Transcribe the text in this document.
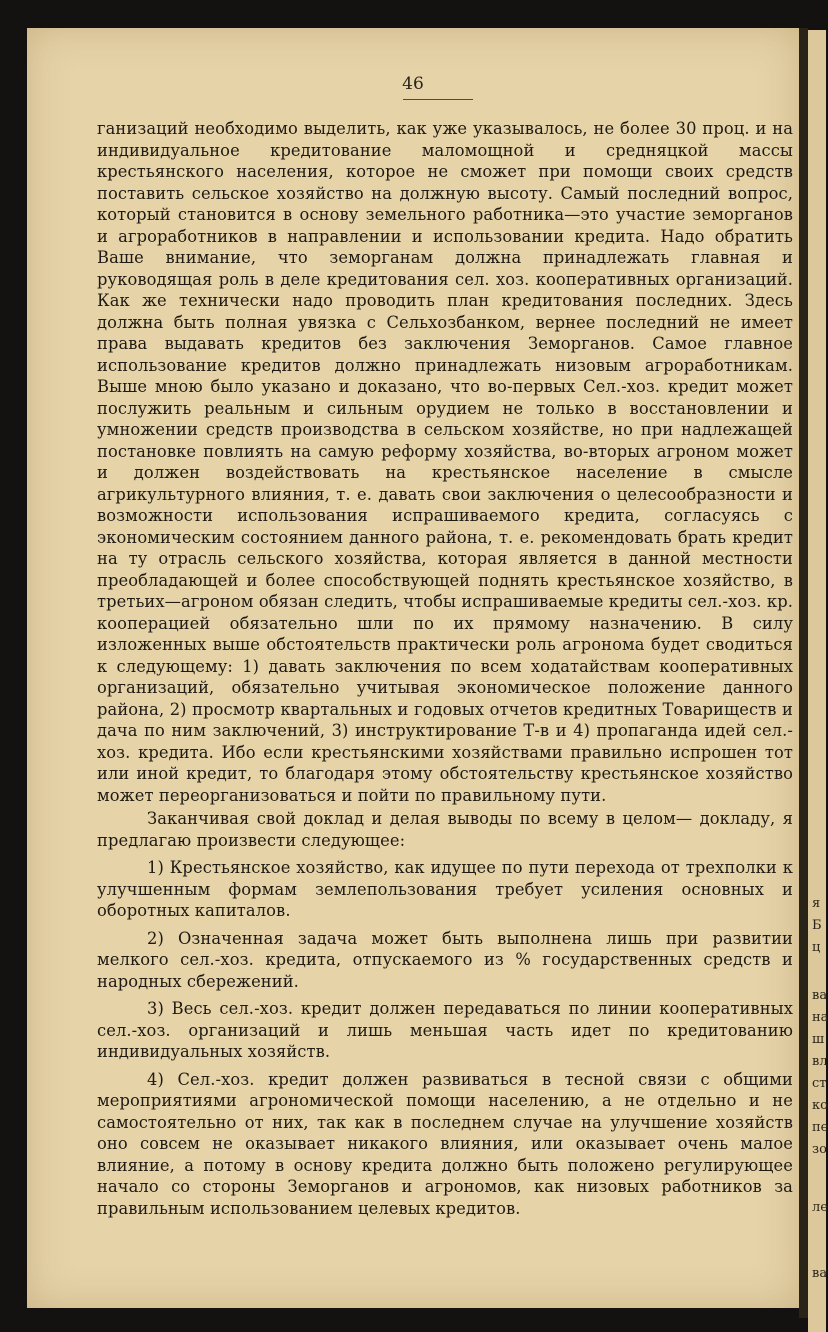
я
Б
ц
ва
на
ш
вл
ст
ко
пе
зо
ле
ва
46

ганизаций необходимо выделить, как уже указывалось, не более 30 проц. и на индивидуальное кредитование маломощной и средняцкой массы крестьянского населения, которое не сможет при помощи своих средств поставить сельское хозяйство на должную высоту. Самый последний вопрос, который становится в основу земельного работника—это участие земорганов и агроработников в направлении и использовании кредита. Надо обратить Ваше внимание, что земорганам должна принадлежать главная и руководящая роль в деле кредитования сел. хоз. кооперативных организаций. Как же технически надо проводить план кредитования последних. Здесь должна быть полная увязка с Сельхозбанком, вернее последний не имеет права выдавать кредитов без заключения Земорганов. Самое главное использование кредитов должно принадлежать низовым агроработникам. Выше мною было указано и доказано, что во-первых Сел.-хоз. кредит может послужить реальным и сильным орудием не только в восстановлении и умножении средств производства в сельском хозяйстве, но при надлежащей постановке повлиять на самую реформу хозяйства, во-вторых агроном может и должен воздействовать на крестьянское население в смысле агрикультурного влияния, т. е. давать свои заключения о целесообразности и возможности использования испрашиваемого кредита, согласуясь с экономическим состоянием данного района, т. е. рекомендовать брать кредит на ту отрасль сельского хозяйства, которая является в данной местности преобладающей и более способствующей поднять крестьянское хозяйство, в третьих—агроном обязан следить, чтобы испрашиваемые кредиты сел.-хоз. кр. кооперацией обязательно шли по их прямому назначению. В силу изложенных выше обстоятельств практически роль агронома будет сводиться к следующему: 1) давать заключения по всем ходатайствам кооперативных организаций, обязательно учитывая экономическое положение данного района, 2) просмотр квартальных и годовых отчетов кредитных Товариществ и дача по ним заключений, 3) инструктирование Т-в и 4) пропаганда идей сел.-хоз. кредита. Ибо если крестьянскими хозяйствами правильно испрошен тот или иной кредит, то благодаря этому обстоятельству крестьянское хозяйство может переорганизоваться и пойти по правильному пути.

Заканчивая свой доклад и делая выводы по всему в целом— докладу, я предлагаю произвести следующее:

1) Крестьянское хозяйство, как идущее по пути перехода от трехполки к улучшенным формам землепользования требует усиления основных и оборотных капиталов.

2) Означенная задача может быть выполнена лишь при развитии мелкого сел.-хоз. кредита, отпускаемого из % государственных средств и народных сбережений.

3) Весь сел.-хоз. кредит должен передаваться по линии кооперативных сел.-хоз. организаций и лишь меньшая часть идет по кредитованию индивидуальных хозяйств.

4) Сел.-хоз. кредит должен развиваться в тесной связи с общими мероприятиями агрономической помощи населению, а не отдельно и не самостоятельно от них, так как в последнем случае на улучшение хозяйств оно совсем не оказывает никакого влияния, или оказывает очень малое влияние, а потому в основу кредита должно быть положено регулирующее начало со стороны Земорганов и агрономов, как низовых работников за правильным использованием целевых кредитов.
